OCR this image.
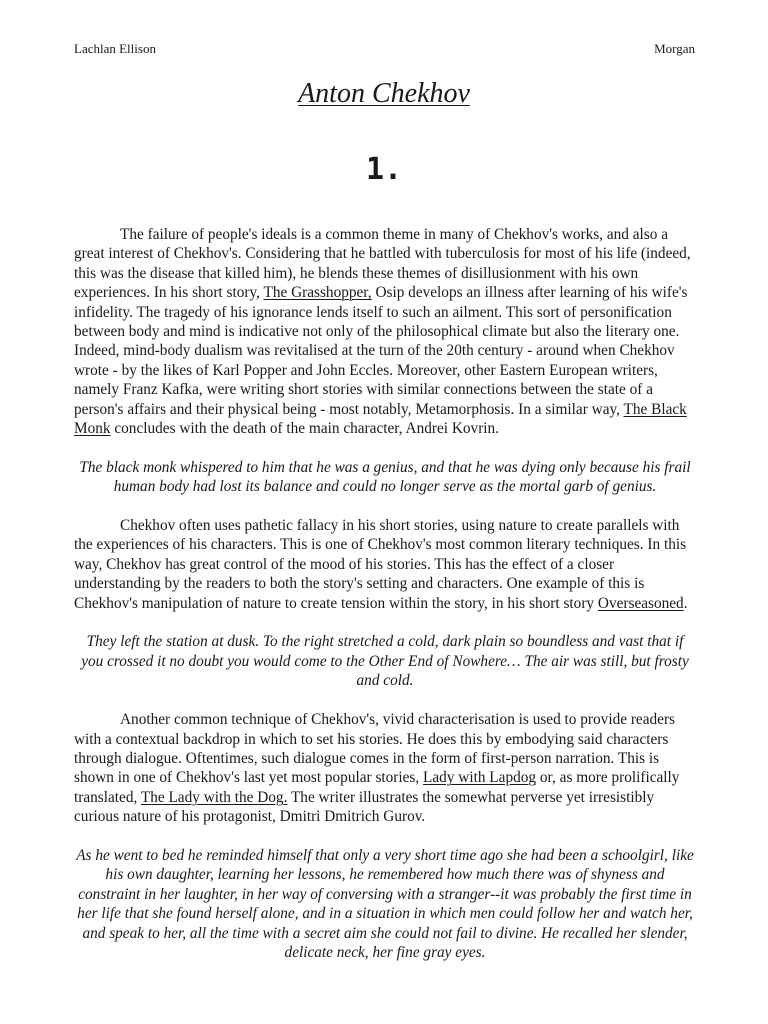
Lachlan Ellison	Morgan
Anton Chekhov
1.

The failure of people's ideals is a common theme in many of Chekhov's works, and also a great interest of Chekhov's. Considering that he battled with tuberculosis for most of his life (indeed, this was the disease that killed him), he blends these themes of disillusionment with his own experiences. In his short story, The Grasshopper, Osip develops an illness after learning of his wife's infidelity. The tragedy of his ignorance lends itself to such an ailment. This sort of personification between body and mind is indicative not only of the philosophical climate but also the literary one. Indeed, mind-body dualism was revitalised at the turn of the 20th century - around when Chekhov wrote - by the likes of Karl Popper and John Eccles. Moreover, other Eastern European writers, namely Franz Kafka, were writing short stories with similar connections between the state of a person's affairs and their physical being - most notably, Metamorphosis. In a similar way, The Black Monk concludes with the death of the main character, Andrei Kovrin.

The black monk whispered to him that he was a genius, and that he was dying only because his frail human body had lost its balance and could no longer serve as the mortal garb of genius.

Chekhov often uses pathetic fallacy in his short stories, using nature to create parallels with the experiences of his characters. This is one of Chekhov's most common literary techniques. In this way, Chekhov has great control of the mood of his stories. This has the effect of a closer understanding by the readers to both the story's setting and characters. One example of this is Chekhov's manipulation of nature to create tension within the story, in his short story Overseasoned.

They left the station at dusk. To the right stretched a cold, dark plain so boundless and vast that if you crossed it no doubt you would come to the Other End of Nowhere… The air was still, but frosty and cold.

Another common technique of Chekhov's, vivid characterisation is used to provide readers with a contextual backdrop in which to set his stories. He does this by embodying said characters through dialogue. Oftentimes, such dialogue comes in the form of first-person narration. This is shown in one of Chekhov's last yet most popular stories, Lady with Lapdog or, as more prolifically translated, The Lady with the Dog. The writer illustrates the somewhat perverse yet irresistibly curious nature of his protagonist, Dmitri Dmitrich Gurov.

As he went to bed he reminded himself that only a very short time ago she had been a schoolgirl, like his own daughter, learning her lessons, he remembered how much there was of shyness and constraint in her laughter, in her way of conversing with a stranger--it was probably the first time in her life that she found herself alone, and in a situation in which men could follow her and watch her, and speak to her, all the time with a secret aim she could not fail to divine. He recalled her slender, delicate neck, her fine gray eyes.
